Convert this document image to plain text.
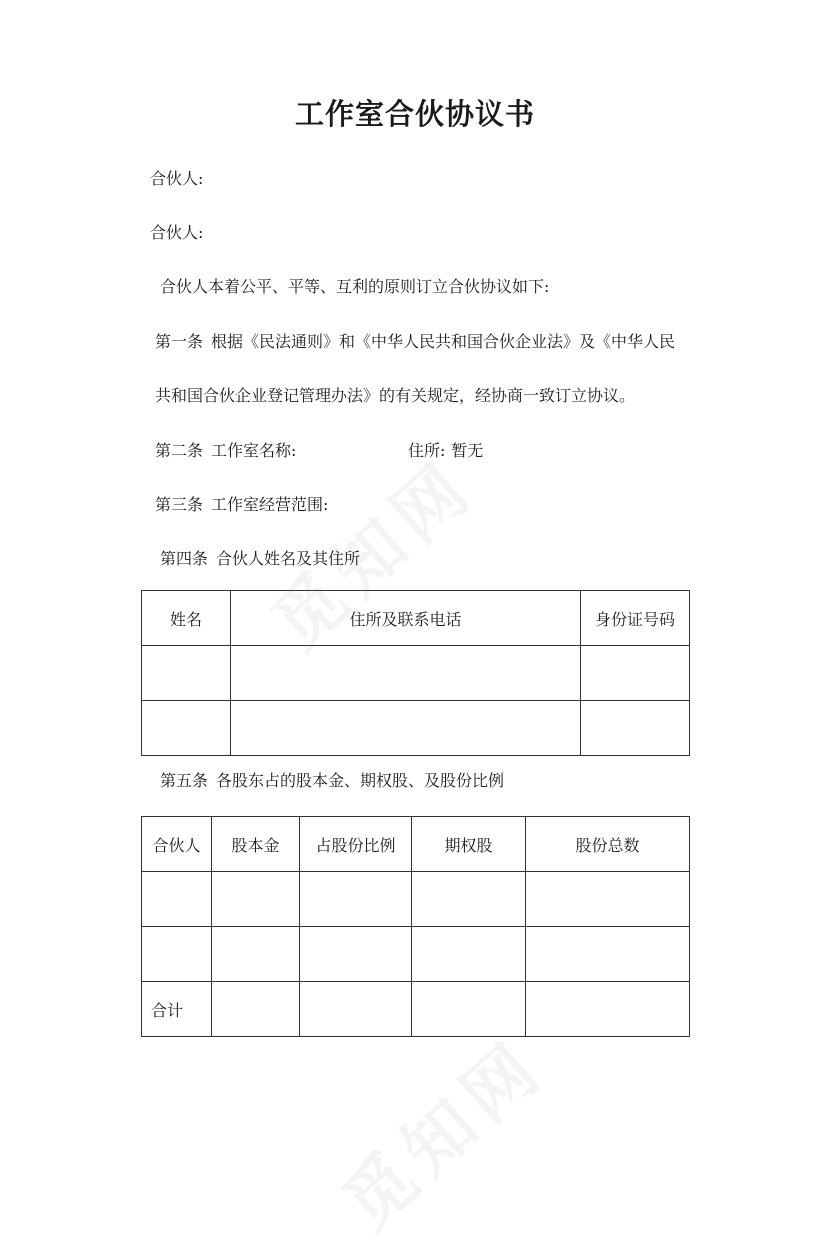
工作室合伙协议书

合伙人:

合伙人:

合伙人本着公平、平等、互利的原则订立合伙协议如下:

第一条 根据《民法通则》和《中华人民共和国合伙企业法》及《中华人民

共和国合伙企业登记管理办法》的有关规定，经协商一致订立协议。

第二条 工作室名称:	住所: 暂无

第三条 工作室经营范围:

第四条 合伙人姓名及其住所

姓名	住所及联系电话	身份证号码

第五条 各股东占的股本金、期权股、及股份比例

合伙人	股本金	占股份比例	期权股	股份总数

合计				
